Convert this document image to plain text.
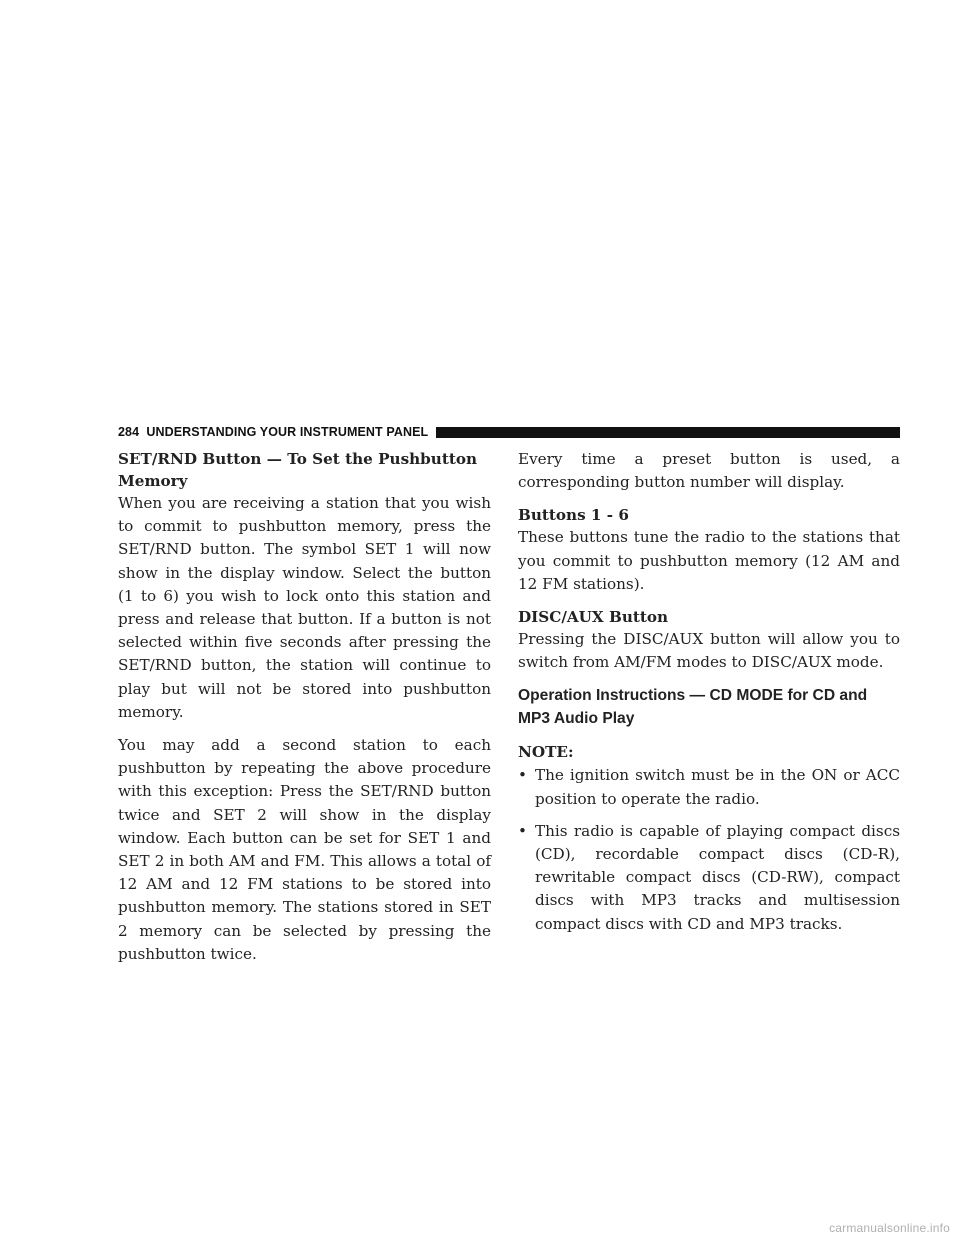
284 UNDERSTANDING YOUR INSTRUMENT PANEL
SET/RND Button — To Set the Pushbutton Memory

When you are receiving a station that you wish to commit to pushbutton memory, press the SET/RND button. The symbol SET 1 will now show in the display window. Select the button (1 to 6) you wish to lock onto this station and press and release that button. If a button is not selected within five seconds after pressing the SET/RND button, the station will continue to play but will not be stored into pushbutton memory.

You may add a second station to each pushbutton by repeating the above procedure with this exception: Press the SET/RND button twice and SET 2 will show in the display window. Each button can be set for SET 1 and SET 2 in both AM and FM. This allows a total of 12 AM and 12 FM stations to be stored into pushbutton memory. The stations stored in SET 2 memory can be selected by pressing the pushbutton twice.

Every time a preset button is used, a corresponding button number will display.

Buttons 1 - 6

These buttons tune the radio to the stations that you commit to pushbutton memory (12 AM and 12 FM stations).

DISC/AUX Button

Pressing the DISC/AUX button will allow you to switch from AM/FM modes to DISC/AUX mode.

Operation Instructions — CD MODE for CD and MP3 Audio Play

NOTE:

• The ignition switch must be in the ON or ACC position to operate the radio.
• This radio is capable of playing compact discs (CD), recordable compact discs (CD-R), rewritable compact discs (CD-RW), compact discs with MP3 tracks and multisession compact discs with CD and MP3 tracks.
carmanualsonline.info
